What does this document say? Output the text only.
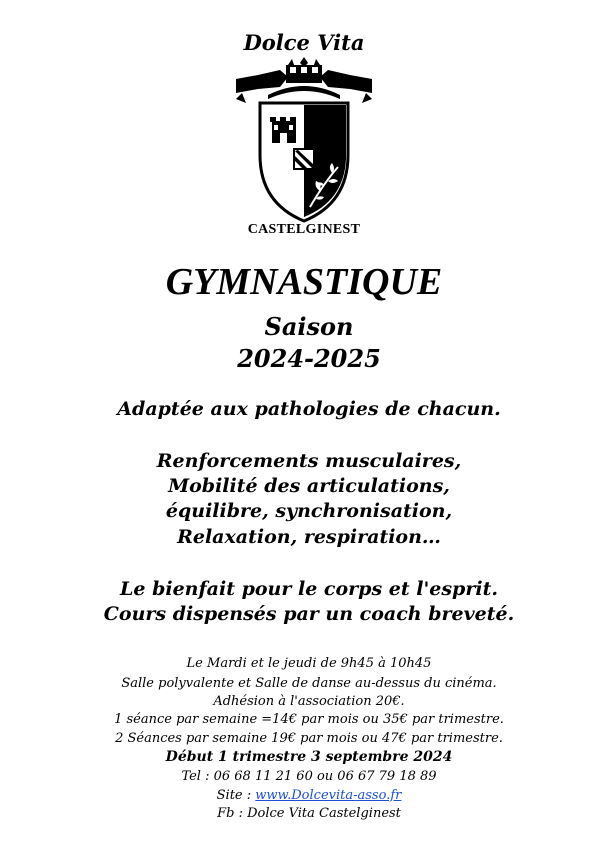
Dolce Vita
CASTELGINEST
GYMNASTIQUE
Saison
2024-2025
Adaptée aux pathologies de chacun.
Renforcements musculaires,
Mobilité des articulations,
équilibre, synchronisation,
Relaxation, respiration…
Le bienfait pour le corps et l'esprit.
Cours dispensés par un coach breveté.
Le Mardi et le jeudi de 9h45 à 10h45
Salle polyvalente et Salle de danse au-dessus du cinéma.
Adhésion à l'association 20€.
1 séance par semaine =14€ par mois ou 35€ par trimestre.
2 Séances par semaine 19€ par mois ou 47€ par trimestre.
Début 1 trimestre 3 septembre 2024
Tel : 06 68 11 21 60 ou 06 67 79 18 89
Site : www.Dolcevita-asso.fr
Fb : Dolce Vita Castelginest
